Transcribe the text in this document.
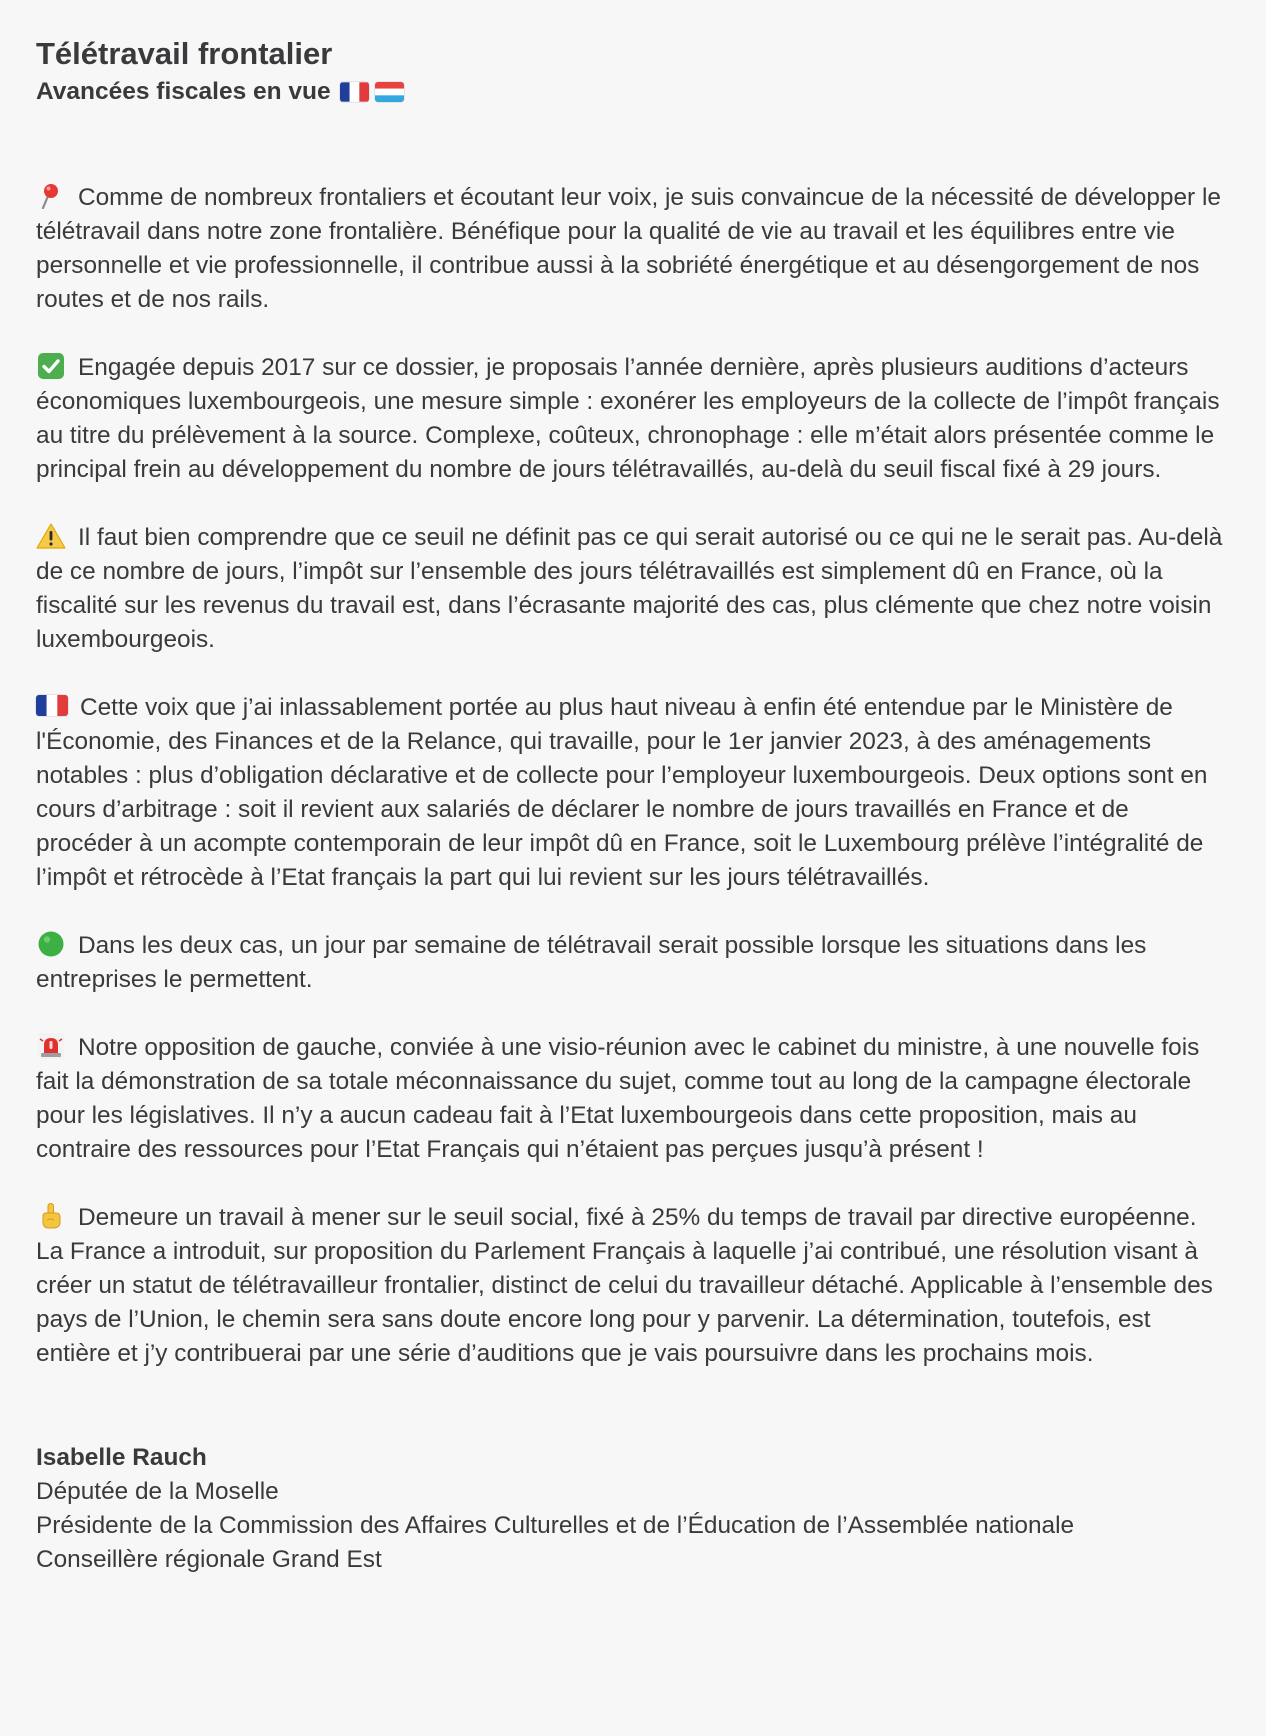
Télétravail frontalier
Avancées fiscales en vue

Comme de nombreux frontaliers et écoutant leur voix, je suis convaincue de la nécessité de développer le télétravail dans notre zone frontalière. Bénéfique pour la qualité de vie au travail et les équilibres entre vie personnelle et vie professionnelle, il contribue aussi à la sobriété énergétique et au désengorgement de nos routes et de nos rails.

Engagée depuis 2017 sur ce dossier, je proposais l’année dernière, après plusieurs auditions d’acteurs économiques luxembourgeois, une mesure simple : exonérer les employeurs de la collecte de l’impôt français au titre du prélèvement à la source. Complexe, coûteux, chronophage : elle m’était alors présentée comme le principal frein au développement du nombre de jours télétravaillés, au-delà du seuil fiscal fixé à 29 jours.

Il faut bien comprendre que ce seuil ne définit pas ce qui serait autorisé ou ce qui ne le serait pas. Au-delà de ce nombre de jours, l’impôt sur l’ensemble des jours télétravaillés est simplement dû en France, où la fiscalité sur les revenus du travail est, dans l’écrasante majorité des cas, plus clémente que chez notre voisin luxembourgeois.

Cette voix que j’ai inlassablement portée au plus haut niveau à enfin été entendue par le Ministère de l'Économie, des Finances et de la Relance, qui travaille, pour le 1er janvier 2023, à des aménagements notables : plus d’obligation déclarative et de collecte pour l’employeur luxembourgeois. Deux options sont en cours d’arbitrage : soit il revient aux salariés de déclarer le nombre de jours travaillés en France et de procéder à un acompte contemporain de leur impôt dû en France, soit le Luxembourg prélève l’intégralité de l’impôt et rétrocède à l’Etat français la part qui lui revient sur les jours télétravaillés.

Dans les deux cas, un jour par semaine de télétravail serait possible lorsque les situations dans les entreprises le permettent.

Notre opposition de gauche, conviée à une visio-réunion avec le cabinet du ministre, à une nouvelle fois fait la démonstration de sa totale méconnaissance du sujet, comme tout au long de la campagne électorale pour les législatives. Il n’y a aucun cadeau fait à l’Etat luxembourgeois dans cette proposition, mais au contraire des ressources pour l’Etat Français qui n’étaient pas perçues jusqu’à présent !

Demeure un travail à mener sur le seuil social, fixé à 25% du temps de travail par directive européenne. La France a introduit, sur proposition du Parlement Français à laquelle j’ai contribué, une résolution visant à créer un statut de télétravailleur frontalier, distinct de celui du travailleur détaché. Applicable à l’ensemble des pays de l’Union, le chemin sera sans doute encore long pour y parvenir. La détermination, toutefois, est entière et j’y contribuerai par une série d’auditions que je vais poursuivre dans les prochains mois.

Isabelle Rauch
Députée de la Moselle
Présidente de la Commission des Affaires Culturelles et de l’Éducation de l’Assemblée nationale
Conseillère régionale Grand Est
